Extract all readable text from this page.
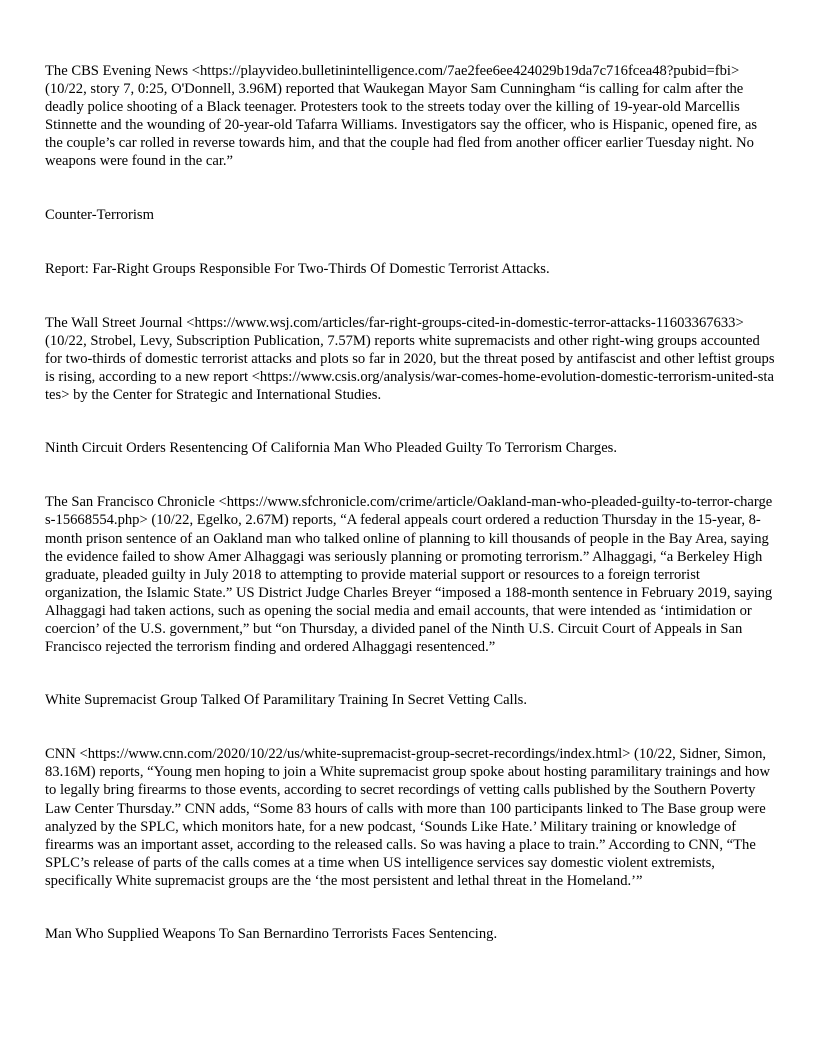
The CBS Evening News <https://playvideo.bulletinintelligence.com/7ae2fee6ee424029b19da7c716fcea48?pubid=fbi> (10/22, story 7, 0:25, O'Donnell, 3.96M) reported that Waukegan Mayor Sam Cunningham “is calling for calm after the deadly police shooting of a Black teenager. Protesters took to the streets today over the killing of 19-year-old Marcellis Stinnette and the wounding of 20-year-old Tafarra Williams. Investigators say the officer, who is Hispanic, opened fire, as the couple’s car rolled in reverse towards him, and that the couple had fled from another officer earlier Tuesday night. No weapons were found in the car.”

Counter-Terrorism

Report: Far-Right Groups Responsible For Two-Thirds Of Domestic Terrorist Attacks.

The Wall Street Journal <https://www.wsj.com/articles/far-right-groups-cited-in-domestic-terror-attacks-11603367633> (10/22, Strobel, Levy, Subscription Publication, 7.57M) reports white supremacists and other right-wing groups accounted for two-thirds of domestic terrorist attacks and plots so far in 2020, but the threat posed by antifascist and other leftist groups is rising, according to a new report <https://www.csis.org/analysis/war-comes-home-evolution-domestic-terrorism-united-states> by the Center for Strategic and International Studies.

Ninth Circuit Orders Resentencing Of California Man Who Pleaded Guilty To Terrorism Charges.

The San Francisco Chronicle <https://www.sfchronicle.com/crime/article/Oakland-man-who-pleaded-guilty-to-terror-charges-15668554.php> (10/22, Egelko, 2.67M) reports, “A federal appeals court ordered a reduction Thursday in the 15-year, 8-month prison sentence of an Oakland man who talked online of planning to kill thousands of people in the Bay Area, saying the evidence failed to show Amer Alhaggagi was seriously planning or promoting terrorism.” Alhaggagi, “a Berkeley High graduate, pleaded guilty in July 2018 to attempting to provide material support or resources to a foreign terrorist organization, the Islamic State.” US District Judge Charles Breyer “imposed a 188-month sentence in February 2019, saying Alhaggagi had taken actions, such as opening the social media and email accounts, that were intended as ‘intimidation or coercion’ of the U.S. government,” but “on Thursday, a divided panel of the Ninth U.S. Circuit Court of Appeals in San Francisco rejected the terrorism finding and ordered Alhaggagi resentenced.”

White Supremacist Group Talked Of Paramilitary Training In Secret Vetting Calls.

CNN <https://www.cnn.com/2020/10/22/us/white-supremacist-group-secret-recordings/index.html> (10/22, Sidner, Simon, 83.16M) reports, “Young men hoping to join a White supremacist group spoke about hosting paramilitary trainings and how to legally bring firearms to those events, according to secret recordings of vetting calls published by the Southern Poverty Law Center Thursday.” CNN adds, “Some 83 hours of calls with more than 100 participants linked to The Base group were analyzed by the SPLC, which monitors hate, for a new podcast, ‘Sounds Like Hate.’ Military training or knowledge of firearms was an important asset, according to the released calls. So was having a place to train.” According to CNN, “The SPLC’s release of parts of the calls comes at a time when US intelligence services say domestic violent extremists, specifically White supremacist groups are the ‘the most persistent and lethal threat in the Homeland.’”

Man Who Supplied Weapons To San Bernardino Terrorists Faces Sentencing.
